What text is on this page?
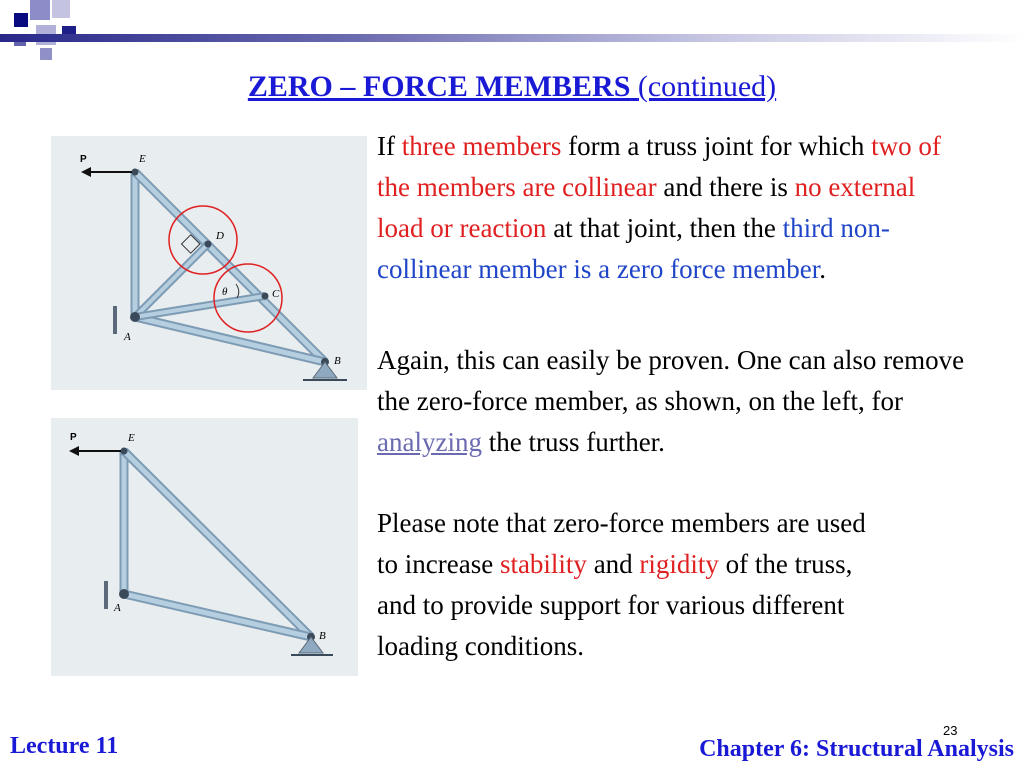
ZERO – FORCE MEMBERS (continued)
P	E
D
C
θ
A
B
P	E
A
B
If three members form a truss joint for which two of the members are collinear and there is no external load or reaction at that joint, then the third non-collinear member is a zero force member.
Again, this can easily be proven. One can also remove the zero-force member, as shown, on the left, for analyzing the truss further.
Please note that zero-force members are used to increase stability and rigidity of the truss, and to provide support for various different loading conditions.
23
Lecture 11	Chapter 6: Structural Analysis
